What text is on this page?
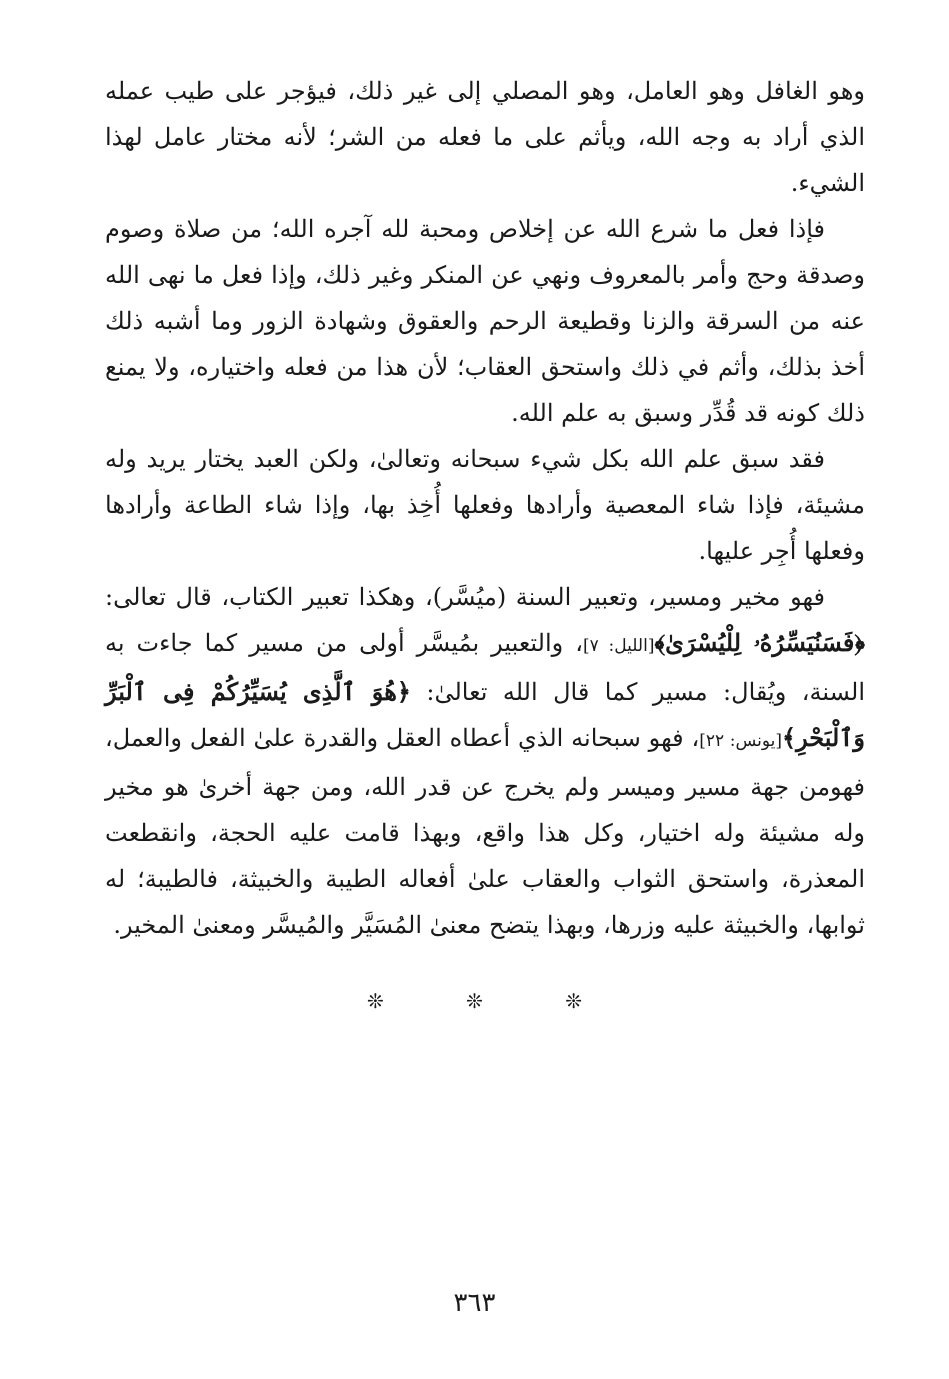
وهو الغافل وهو العامل، وهو المصلي إلى غير ذلك، فيؤجر على طيب عمله الذي أراد به وجه الله، ويأثم على ما فعله من الشر؛ لأنه مختار عامل لهذا الشيء.

فإذا فعل ما شرع الله عن إخلاص ومحبة لله آجره الله؛ من صلاة وصوم وصدقة وحج وأمر بالمعروف ونهي عن المنكر وغير ذلك، وإذا فعل ما نهى الله عنه من السرقة والزنا وقطيعة الرحم والعقوق وشهادة الزور وما أشبه ذلك أخذ بذلك، وأثم في ذلك واستحق العقاب؛ لأن هذا من فعله واختياره، ولا يمنع ذلك كونه قد قُدِّر وسبق به علم الله.

فقد سبق علم الله بكل شيء سبحانه وتعالىٰ، ولكن العبد يختار يريد وله مشيئة، فإذا شاء المعصية وأرادها وفعلها أُخِذ بها، وإذا شاء الطاعة وأرادها وفعلها أُجِر عليها.

فهو مخير ومسير، وتعبير السنة (ميُسَّر)، وهكذا تعبير الكتاب، قال تعالى: ﴿فَسَنُيَسِّرُهُۥ لِلْيُسْرَىٰ﴾[الليل: ٧]، والتعبير بمُيسَّر أولى من مسير كما جاءت به السنة، ويُقال: مسير كما قال الله تعالىٰ: ﴿هُوَ ٱلَّذِى يُسَيِّرُكُمْ فِى ٱلْبَرِّ وَٱلْبَحْرِ﴾[يونس: ٢٢]، فهو سبحانه الذي أعطاه العقل والقدرة علىٰ الفعل والعمل، فهومن جهة مسير وميسر ولم يخرج عن قدر الله، ومن جهة أخرىٰ هو مخير وله مشيئة وله اختيار، وكل هذا واقع، وبهذا قامت عليه الحجة، وانقطعت المعذرة، واستحق الثواب والعقاب علىٰ أفعاله الطيبة والخبيثة، فالطيبة؛ له ثوابها، والخبيثة عليه وزرها، وبهذا يتضح معنىٰ المُسَيَّر والمُيسَّر ومعنىٰ المخير.

❊ ❊ ❊
٣٦٣
